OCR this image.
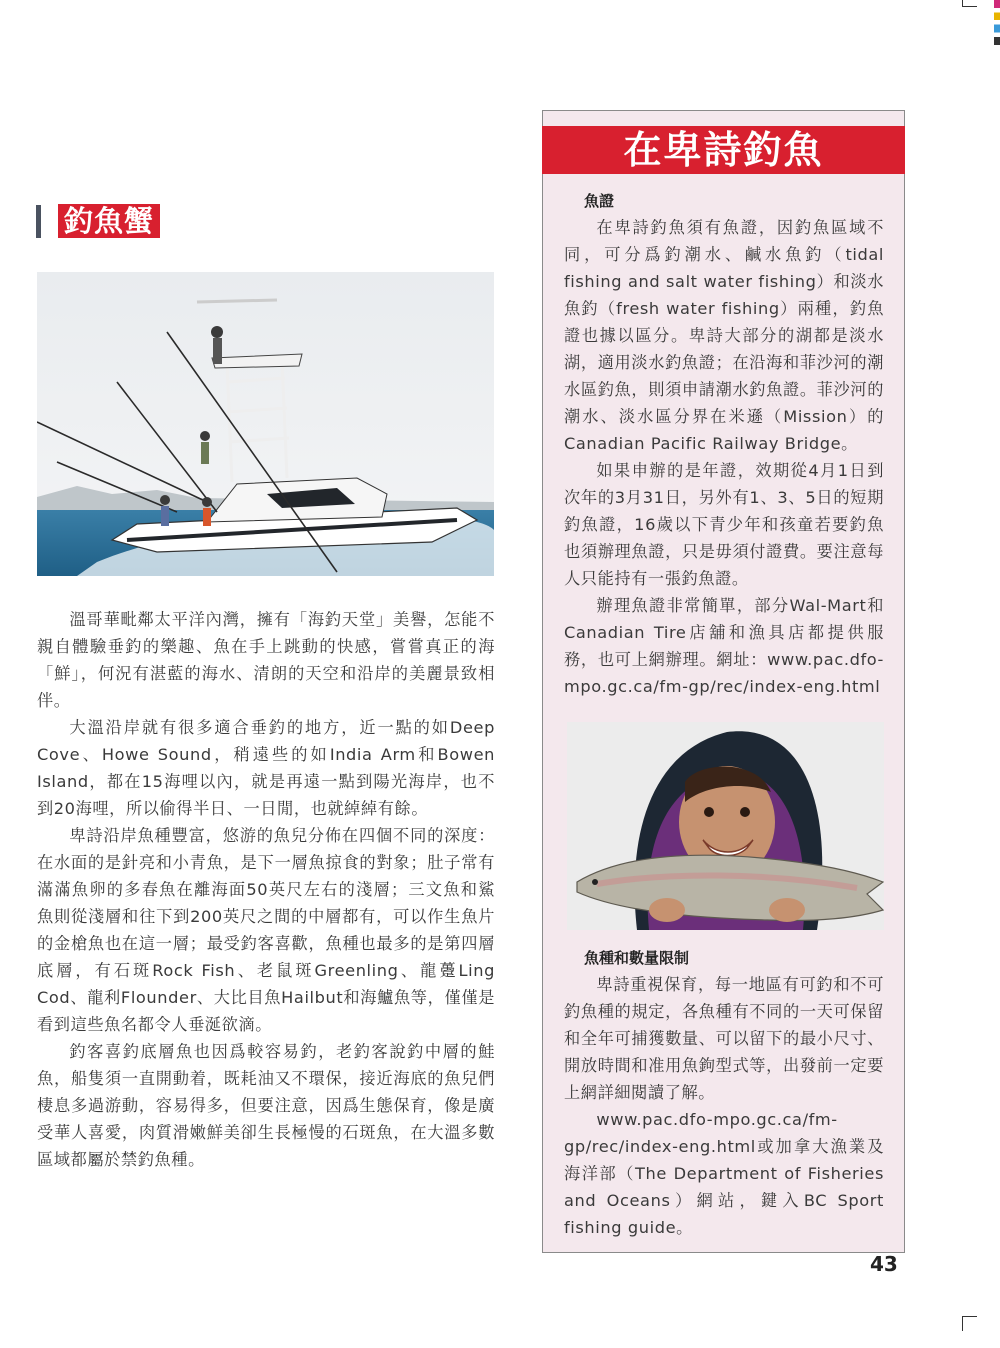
釣魚蟹

溫哥華毗鄰太平洋內灣，擁有「海釣天堂」美譽，怎能不親自體驗垂釣的樂趣、魚在手上跳動的快感，嘗嘗真正的海「鮮」，何況有湛藍的海水、清朗的天空和沿岸的美麗景致相伴。

大溫沿岸就有很多適合垂釣的地方，近一點的如Deep Cove、Howe Sound，稍遠些的如India Arm和Bowen Island，都在15海哩以內，就是再遠一點到陽光海岸，也不到20海哩，所以偷得半日、一日閒，也就綽綽有餘。

卑詩沿岸魚種豐富，悠游的魚兒分佈在四個不同的深度：在水面的是針亮和小青魚，是下一層魚掠食的對象；肚子常有滿滿魚卵的多春魚在離海面50英尺左右的淺層；三文魚和鯊魚則從淺層和往下到200英尺之間的中層都有，可以作生魚片的金槍魚也在這一層；最受釣客喜歡，魚種也最多的是第四層底層，有石斑Rock Fish、老鼠斑Greenling、龍躉Ling Cod、龍利Flounder、大比目魚Hailbut和海鱸魚等，僅僅是看到這些魚名都令人垂涎欲滴。

釣客喜釣底層魚也因爲較容易釣，老釣客說釣中層的鮭魚，船隻須一直開動着，既耗油又不環保，接近海底的魚兒們棲息多過游動，容易得多，但要注意，因爲生態保育，像是廣受華人喜愛，肉質滑嫩鮮美卻生長極慢的石斑魚，在大溫多數區域都屬於禁釣魚種。

在卑詩釣魚
魚證

在卑詩釣魚須有魚證，因釣魚區域不同，可分爲釣潮水、鹹水魚釣（tidal fishing and salt water fishing）和淡水魚釣（fresh water fishing）兩種，釣魚證也據以區分。卑詩大部分的湖都是淡水湖，適用淡水釣魚證；在沿海和菲沙河的潮水區釣魚，則須申請潮水釣魚證。菲沙河的潮水、淡水區分界在米遜（Mission）的Canadian Pacific Railway Bridge。

如果申辦的是年證，效期從4月1日到次年的3月31日，另外有1、3、5日的短期釣魚證，16歲以下青少年和孩童若要釣魚也須辦理魚證，只是毋須付證費。要注意每人只能持有一張釣魚證。

辦理魚證非常簡單，部分Wal-Mart和Canadian Tire店舖和漁具店都提供服務，也可上網辦理。網址：www.pac.dfo-mpo.gc.ca/fm-gp/rec/index-eng.html

魚種和數量限制

卑詩重視保育，每一地區有可釣和不可釣魚種的規定，各魚種有不同的一天可保留和全年可捕獲數量、可以留下的最小尺寸、開放時間和准用魚鉤型式等，出發前一定要上網詳細閱讀了解。

www.pac.dfo-mpo.gc.ca/fm-gp/rec/index-eng.html或加拿大漁業及海洋部（The Department of Fisheries and Oceans）網站，鍵入BC Sport fishing guide。

43
